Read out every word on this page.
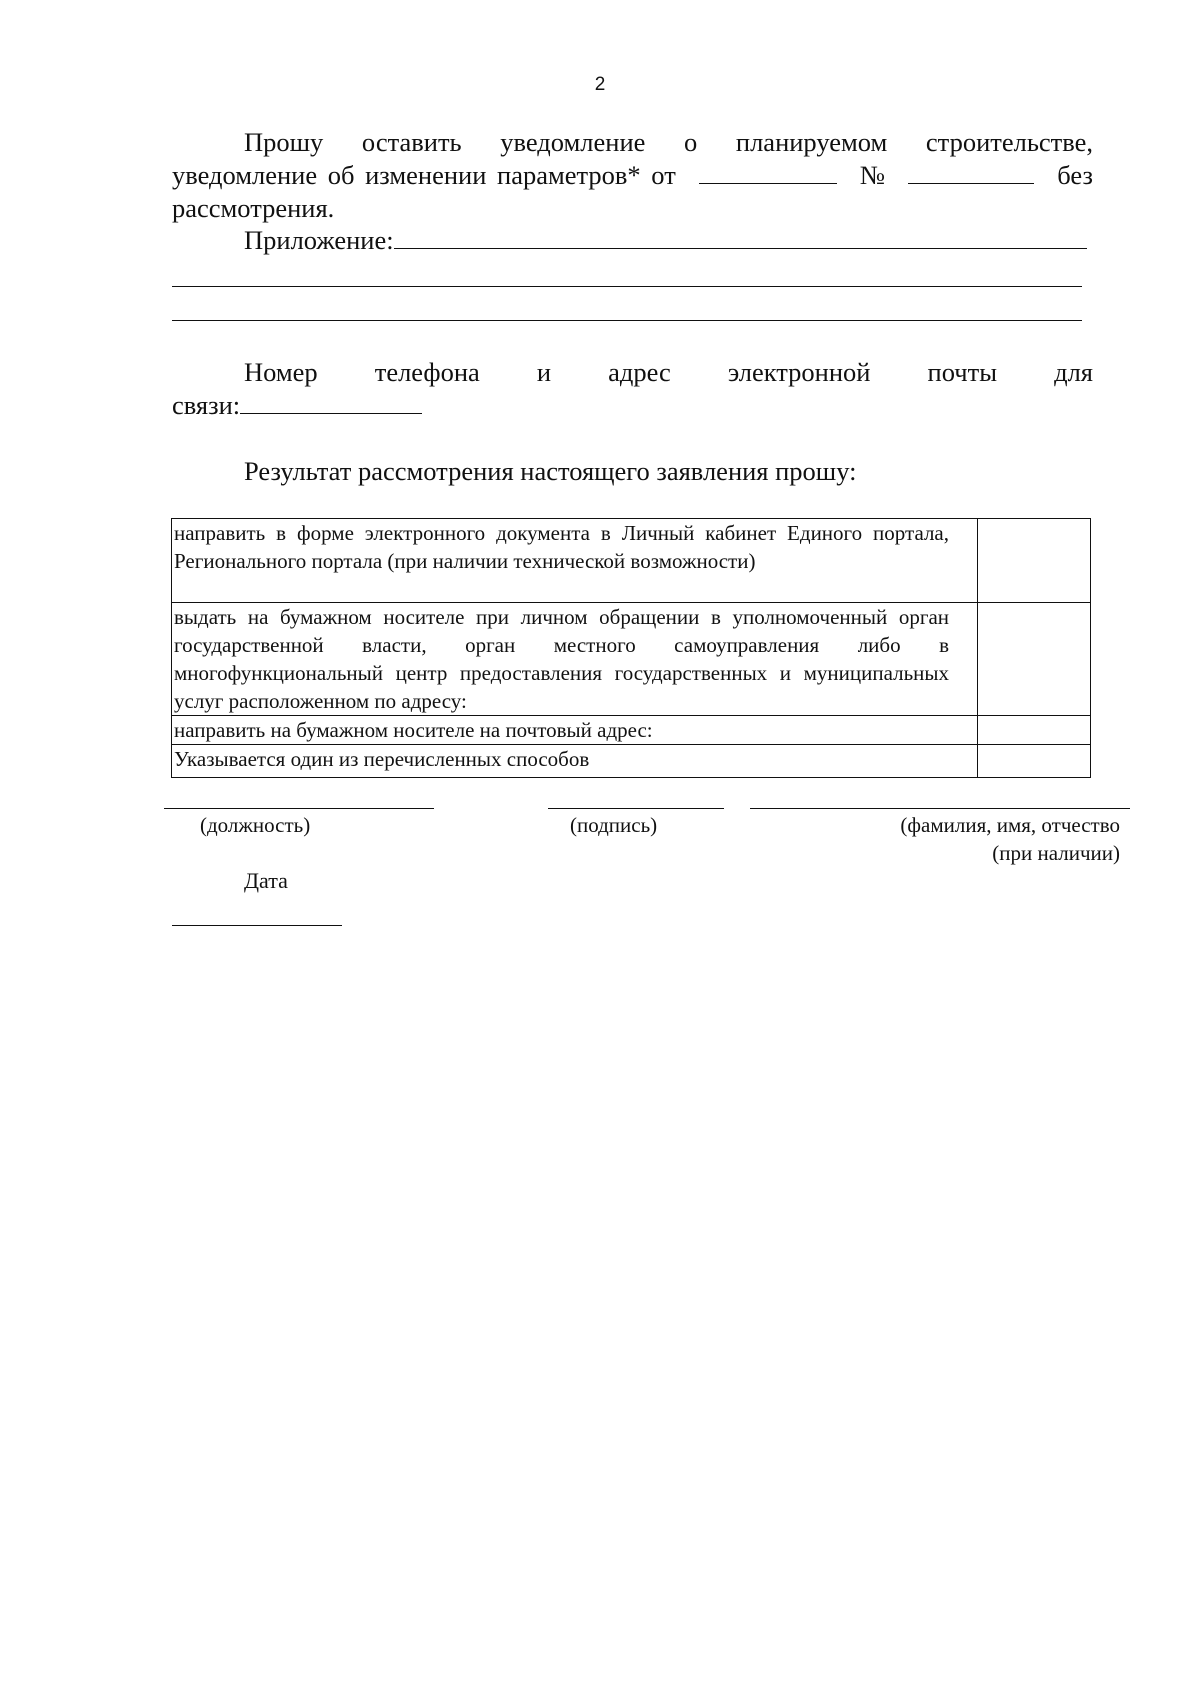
2
Прошу оставить уведомление о планируемом строительстве,
уведомление об изменении параметров* от	№	без
рассмотрения.
Приложение:
Номер телефона и адрес электронной почты для
связи:
Результат рассмотрения настоящего заявления прошу:
направить в форме электронного документа в Личный кабинет Единого портала, Регионального портала (при наличии технической возможности)	
выдать на бумажном носителе при личном обращении в уполномоченный орган государственной власти, орган местного самоуправления либо в многофункциональный центр предоставления государственных и муниципальных услуг расположенном по адресу:	
направить на бумажном носителе на почтовый адрес:	
Указывается один из перечисленных способов	
(должность)	(подпись)	(фамилия, имя, отчество
(при наличии)
Дата
